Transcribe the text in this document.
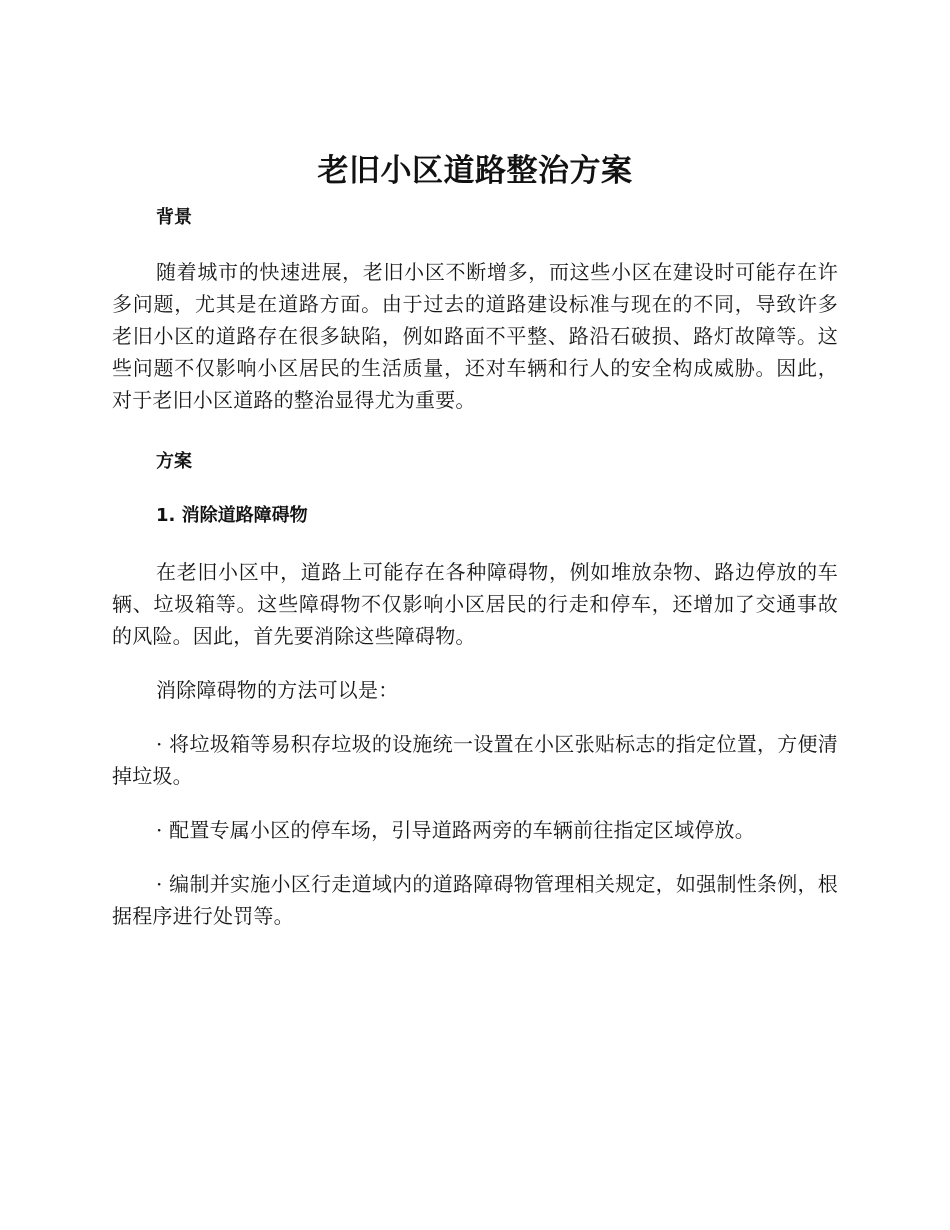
老旧小区道路整治方案
背景

随着城市的快速进展，老旧小区不断增多，而这些小区在建设时可能存在许多问题，尤其是在道路方面。由于过去的道路建设标准与现在的不同，导致许多老旧小区的道路存在很多缺陷，例如路面不平整、路沿石破损、路灯故障等。这些问题不仅影响小区居民的生活质量，还对车辆和行人的安全构成威胁。因此，对于老旧小区道路的整治显得尤为重要。

方案
1. 消除道路障碍物

在老旧小区中，道路上可能存在各种障碍物，例如堆放杂物、路边停放的车辆、垃圾箱等。这些障碍物不仅影响小区居民的行走和停车，还增加了交通事故的风险。因此，首先要消除这些障碍物。

消除障碍物的方法可以是：

· 将垃圾箱等易积存垃圾的设施统一设置在小区张贴标志的指定位置，方便清掉垃圾。

· 配置专属小区的停车场，引导道路两旁的车辆前往指定区域停放。

· 编制并实施小区行走道域内的道路障碍物管理相关规定，如强制性条例，根据程序进行处罚等。
